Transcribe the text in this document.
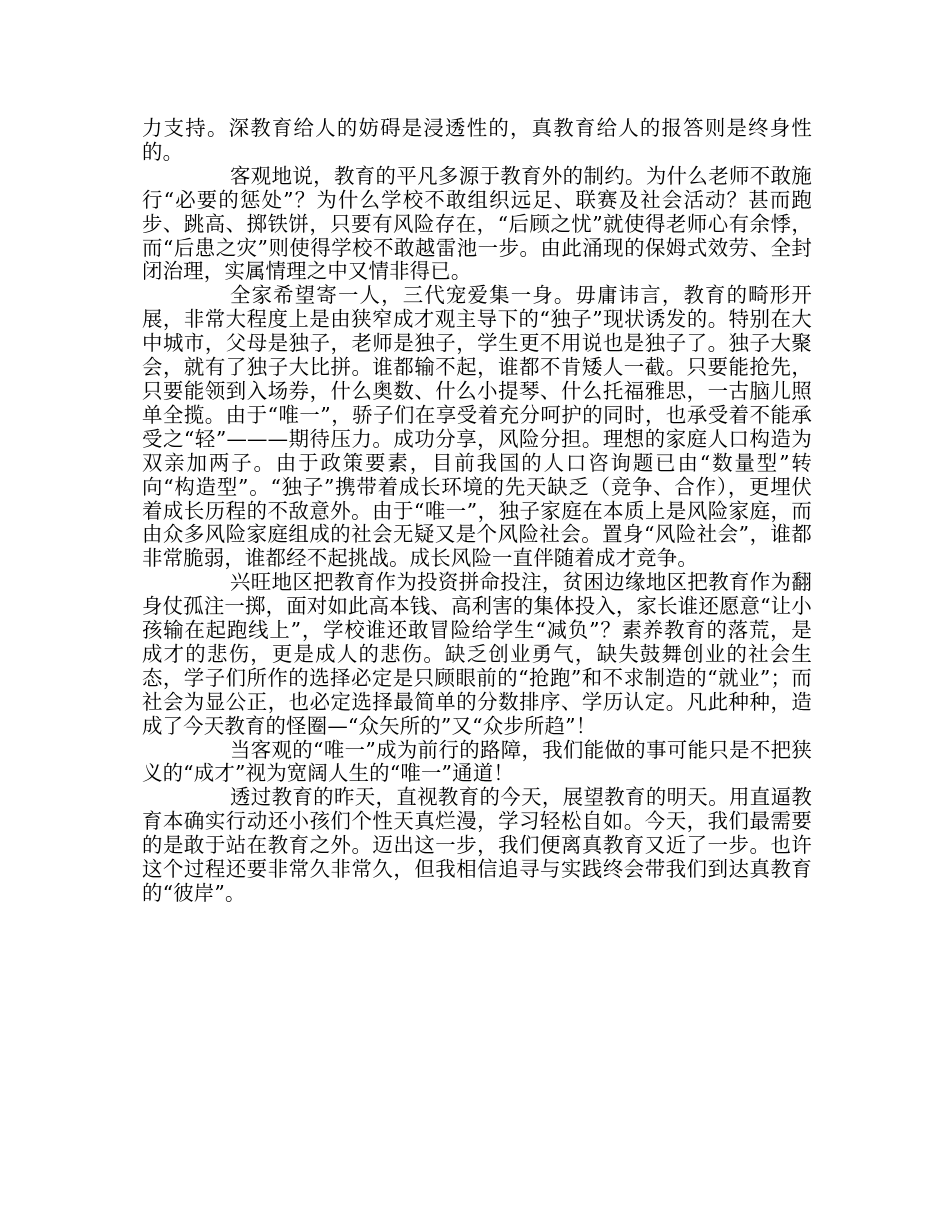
力支持。深教育给人的妨碍是浸透性的，真教育给人的报答则是终身性的。

客观地说，教育的平凡多源于教育外的制约。为什么老师不敢施行“必要的惩处”？为什么学校不敢组织远足、联赛及社会活动？甚而跑步、跳高、掷铁饼，只要有风险存在，“后顾之忧”就使得老师心有余悸，而“后患之灾”则使得学校不敢越雷池一步。由此涌现的保姆式效劳、全封闭治理，实属情理之中又情非得已。

全家希望寄一人，三代宠爱集一身。毋庸讳言，教育的畸形开展，非常大程度上是由狭窄成才观主导下的“独子”现状诱发的。特别在大中城市，父母是独子，老师是独子，学生更不用说也是独子了。独子大聚会，就有了独子大比拼。谁都输不起，谁都不肯矮人一截。只要能抢先，只要能领到入场券，什么奥数、什么小提琴、什么托福雅思，一古脑儿照单全揽。由于“唯一”，骄子们在享受着充分呵护的同时，也承受着不能承受之“轻”———期待压力。成功分享，风险分担。理想的家庭人口构造为双亲加两子。由于政策要素，目前我国的人口咨询题已由“数量型”转向“构造型”。“独子”携带着成长环境的先天缺乏（竞争、合作），更埋伏着成长历程的不敌意外。由于“唯一”，独子家庭在本质上是风险家庭，而由众多风险家庭组成的社会无疑又是个风险社会。置身“风险社会”，谁都非常脆弱，谁都经不起挑战。成长风险一直伴随着成才竞争。

兴旺地区把教育作为投资拼命投注，贫困边缘地区把教育作为翻身仗孤注一掷，面对如此高本钱、高利害的集体投入，家长谁还愿意“让小孩输在起跑线上”，学校谁还敢冒险给学生“减负”？素养教育的落荒，是成才的悲伤，更是成人的悲伤。缺乏创业勇气，缺失鼓舞创业的社会生态，学子们所作的选择必定是只顾眼前的“抢跑”和不求制造的“就业”；而社会为显公正，也必定选择最简单的分数排序、学历认定。凡此种种，造成了今天教育的怪圈—“众矢所的”又“众步所趋”！

当客观的“唯一”成为前行的路障，我们能做的事可能只是不把狭义的“成才”视为宽阔人生的“唯一”通道！

透过教育的昨天，直视教育的今天，展望教育的明天。用直逼教育本确实行动还小孩们个性天真烂漫，学习轻松自如。今天，我们最需要的是敢于站在教育之外。迈出这一步，我们便离真教育又近了一步。也许这个过程还要非常久非常久，但我相信追寻与实践终会带我们到达真教育的“彼岸”。
